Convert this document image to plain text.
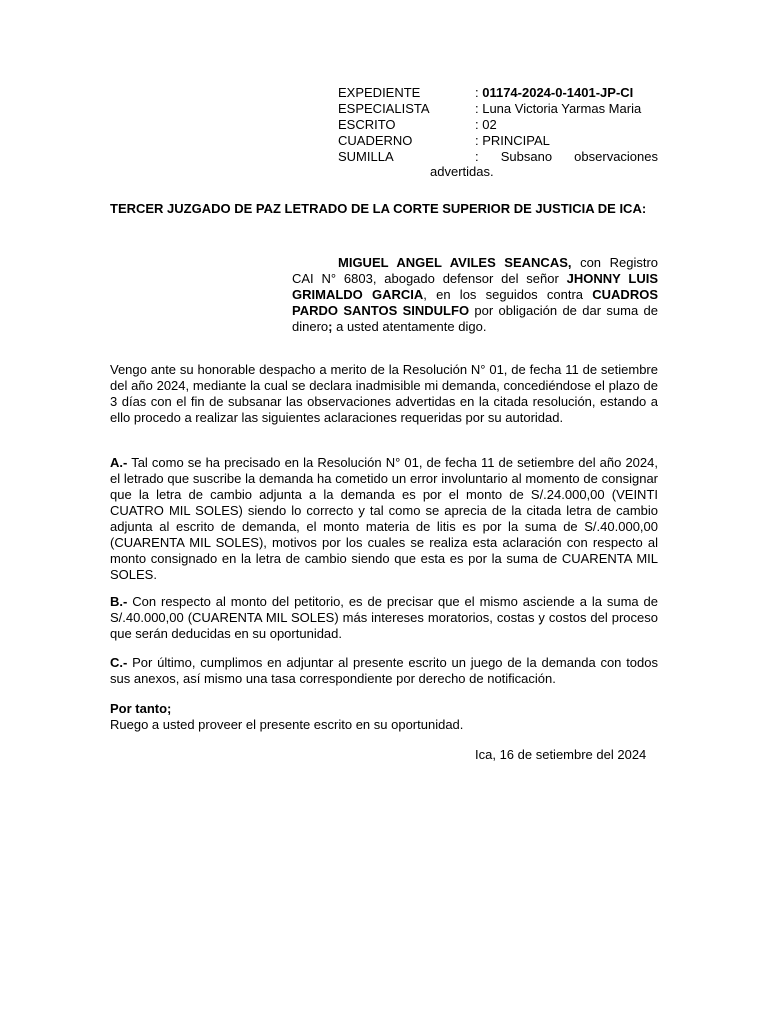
EXPEDIENTE	: 01174-2024-0-1401-JP-CI
ESPECIALISTA	: Luna Victoria Yarmas Maria
ESCRITO	: 02
CUADERNO	: PRINCIPAL
SUMILLA	: Subsano observaciones
advertidas.
TERCER JUZGADO DE PAZ LETRADO DE LA CORTE SUPERIOR DE JUSTICIA DE ICA:
MIGUEL ANGEL AVILES SEANCAS, con Registro CAI N° 6803, abogado defensor del señor JHONNY LUIS GRIMALDO GARCIA, en los seguidos contra CUADROS PARDO SANTOS SINDULFO por obligación de dar suma de dinero; a usted atentamente digo.
Vengo ante su honorable despacho a merito de la Resolución N° 01, de fecha 11 de setiembre del año 2024, mediante la cual se declara inadmisible mi demanda, concediéndose el plazo de 3 días con el fin de subsanar las observaciones advertidas en la citada resolución, estando a ello procedo a realizar las siguientes aclaraciones requeridas por su autoridad.
A.- Tal como se ha precisado en la Resolución N° 01, de fecha 11 de setiembre del año 2024, el letrado que suscribe la demanda ha cometido un error involuntario al momento de consignar que la letra de cambio adjunta a la demanda es por el monto de S/.24.000,00 (VEINTI CUATRO MIL SOLES) siendo lo correcto y tal como se aprecia de la citada letra de cambio adjunta al escrito de demanda, el monto materia de litis es por la suma de S/.40.000,00 (CUARENTA MIL SOLES), motivos por los cuales se realiza esta aclaración con respecto al monto consignado en la letra de cambio siendo que esta es por la suma de CUARENTA MIL SOLES.
B.- Con respecto al monto del petitorio, es de precisar que el mismo asciende a la suma de S/.40.000,00 (CUARENTA MIL SOLES) más intereses moratorios, costas y costos del proceso que serán deducidas en su oportunidad.
C.- Por último, cumplimos en adjuntar al presente escrito un juego de la demanda con todos sus anexos, así mismo una tasa correspondiente por derecho de notificación.
Por tanto;
Ruego a usted proveer el presente escrito en su oportunidad.
Ica, 16 de setiembre del 2024
